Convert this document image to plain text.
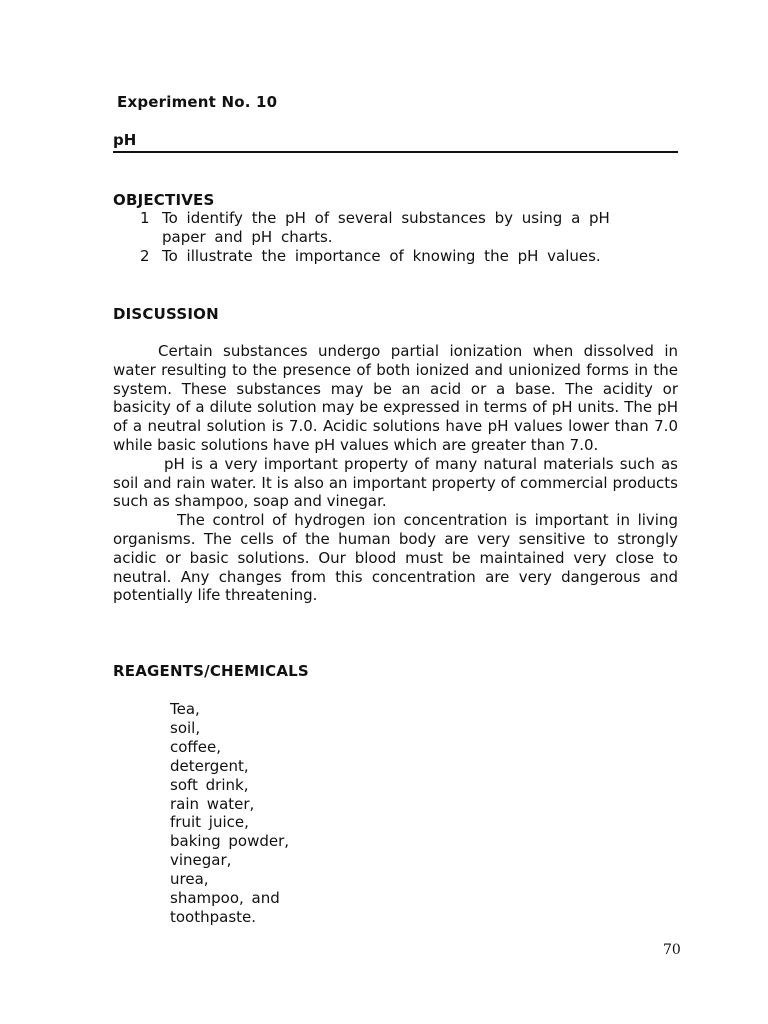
Experiment No. 10
pH
OBJECTIVES
1 To identify the pH of several substances by using a pH paper and pH charts.
2 To illustrate the importance of knowing the pH values.
DISCUSSION

Certain substances undergo partial ionization when dissolved in water resulting to the presence of both ionized and unionized forms in the system. These substances may be an acid or a base. The acidity or basicity of a dilute solution may be expressed in terms of pH units. The pH of a neutral solution is 7.0. Acidic solutions have pH values lower than 7.0 while basic solutions have pH values which are greater than 7.0.

pH is a very important property of many natural materials such as soil and rain water. It is also an important property of commercial products such as shampoo, soap and vinegar.

The control of hydrogen ion concentration is important in living organisms. The cells of the human body are very sensitive to strongly acidic or basic solutions. Our blood must be maintained very close to neutral. Any changes from this concentration are very dangerous and potentially life threatening.

REAGENTS/CHEMICALS
Tea,
soil,
coffee,
detergent,
soft drink,
rain water,
fruit juice,
baking powder,
vinegar,
urea,
shampoo, and
toothpaste.
70
